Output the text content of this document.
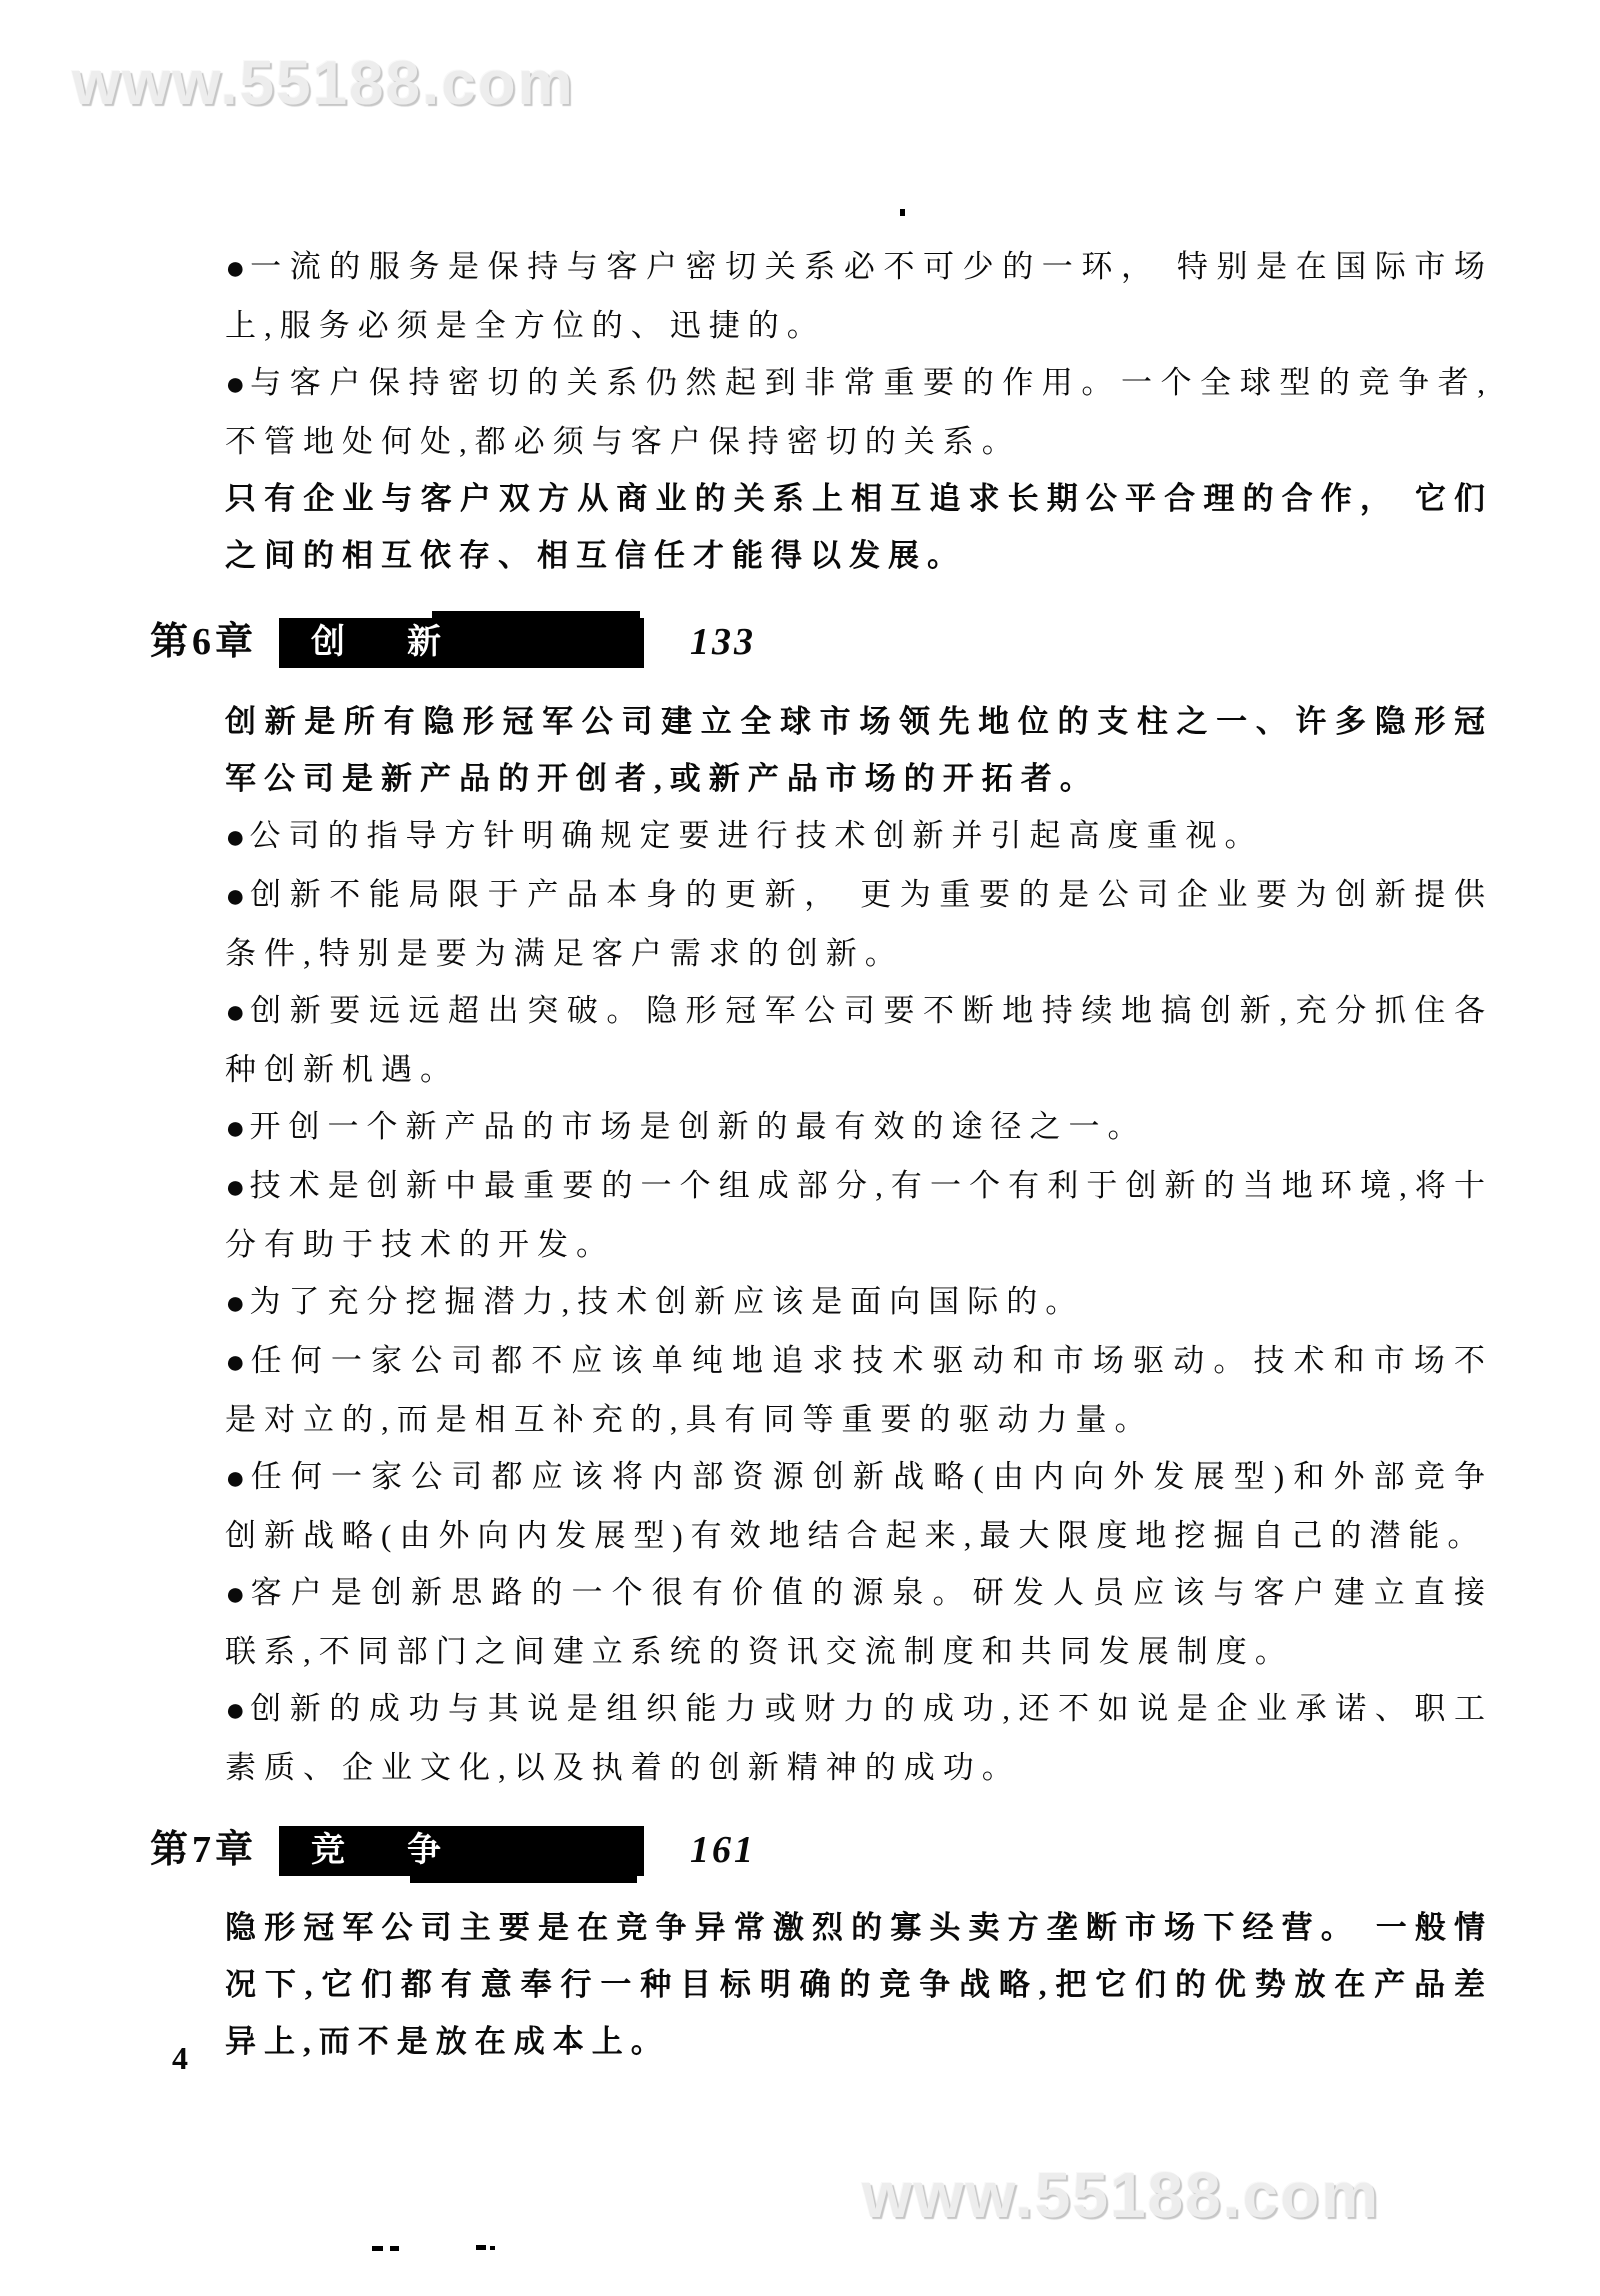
www.55188.com

● 一流的服务是保持与客户密切关系必不可少的一环， 特别是在国际市场上,服务必须是全方位的、迅捷的。

● 与客户保持密切的关系仍然起到非常重要的作用。一个全球型的竞争者,不管地处何处,都必须与客户保持密切的关系。

只有企业与客户双方从商业的关系上相互追求长期公平合理的合作， 它们之间的相互依存、相互信任才能得以发展。

第6章	创　新	133

创新是所有隐形冠军公司建立全球市场领先地位的支柱之一、许多隐形冠军公司是新产品的开创者,或新产品市场的开拓者。

● 公司的指导方针明确规定要进行技术创新并引起高度重视。

● 创新不能局限于产品本身的更新， 更为重要的是公司企业要为创新提供条件,特别是要为满足客户需求的创新。

● 创新要远远超出突破。隐形冠军公司要不断地持续地搞创新,充分抓住各种创新机遇。

● 开创一个新产品的市场是创新的最有效的途径之一。

● 技术是创新中最重要的一个组成部分,有一个有利于创新的当地环境,将十分有助于技术的开发。

● 为了充分挖掘潜力,技术创新应该是面向国际的。

● 任何一家公司都不应该单纯地追求技术驱动和市场驱动。技术和市场不是对立的,而是相互补充的,具有同等重要的驱动力量。

● 任何一家公司都应该将内部资源创新战略(由内向外发展型)和外部竞争创新战略(由外向内发展型)有效地结合起来,最大限度地挖掘自己的潜能。

● 客户是创新思路的一个很有价值的源泉。研发人员应该与客户建立直接联系,不同部门之间建立系统的资讯交流制度和共同发展制度。

● 创新的成功与其说是组织能力或财力的成功,还不如说是企业承诺、职工素质、企业文化,以及执着的创新精神的成功。

第7章	竞　争	161

隐形冠军公司主要是在竞争异常激烈的寡头卖方垄断市场下经营。 一般情况下,它们都有意奉行一种目标明确的竞争战略,把它们的优势放在产品差异上,而不是放在成本上。

4
www.55188.com
